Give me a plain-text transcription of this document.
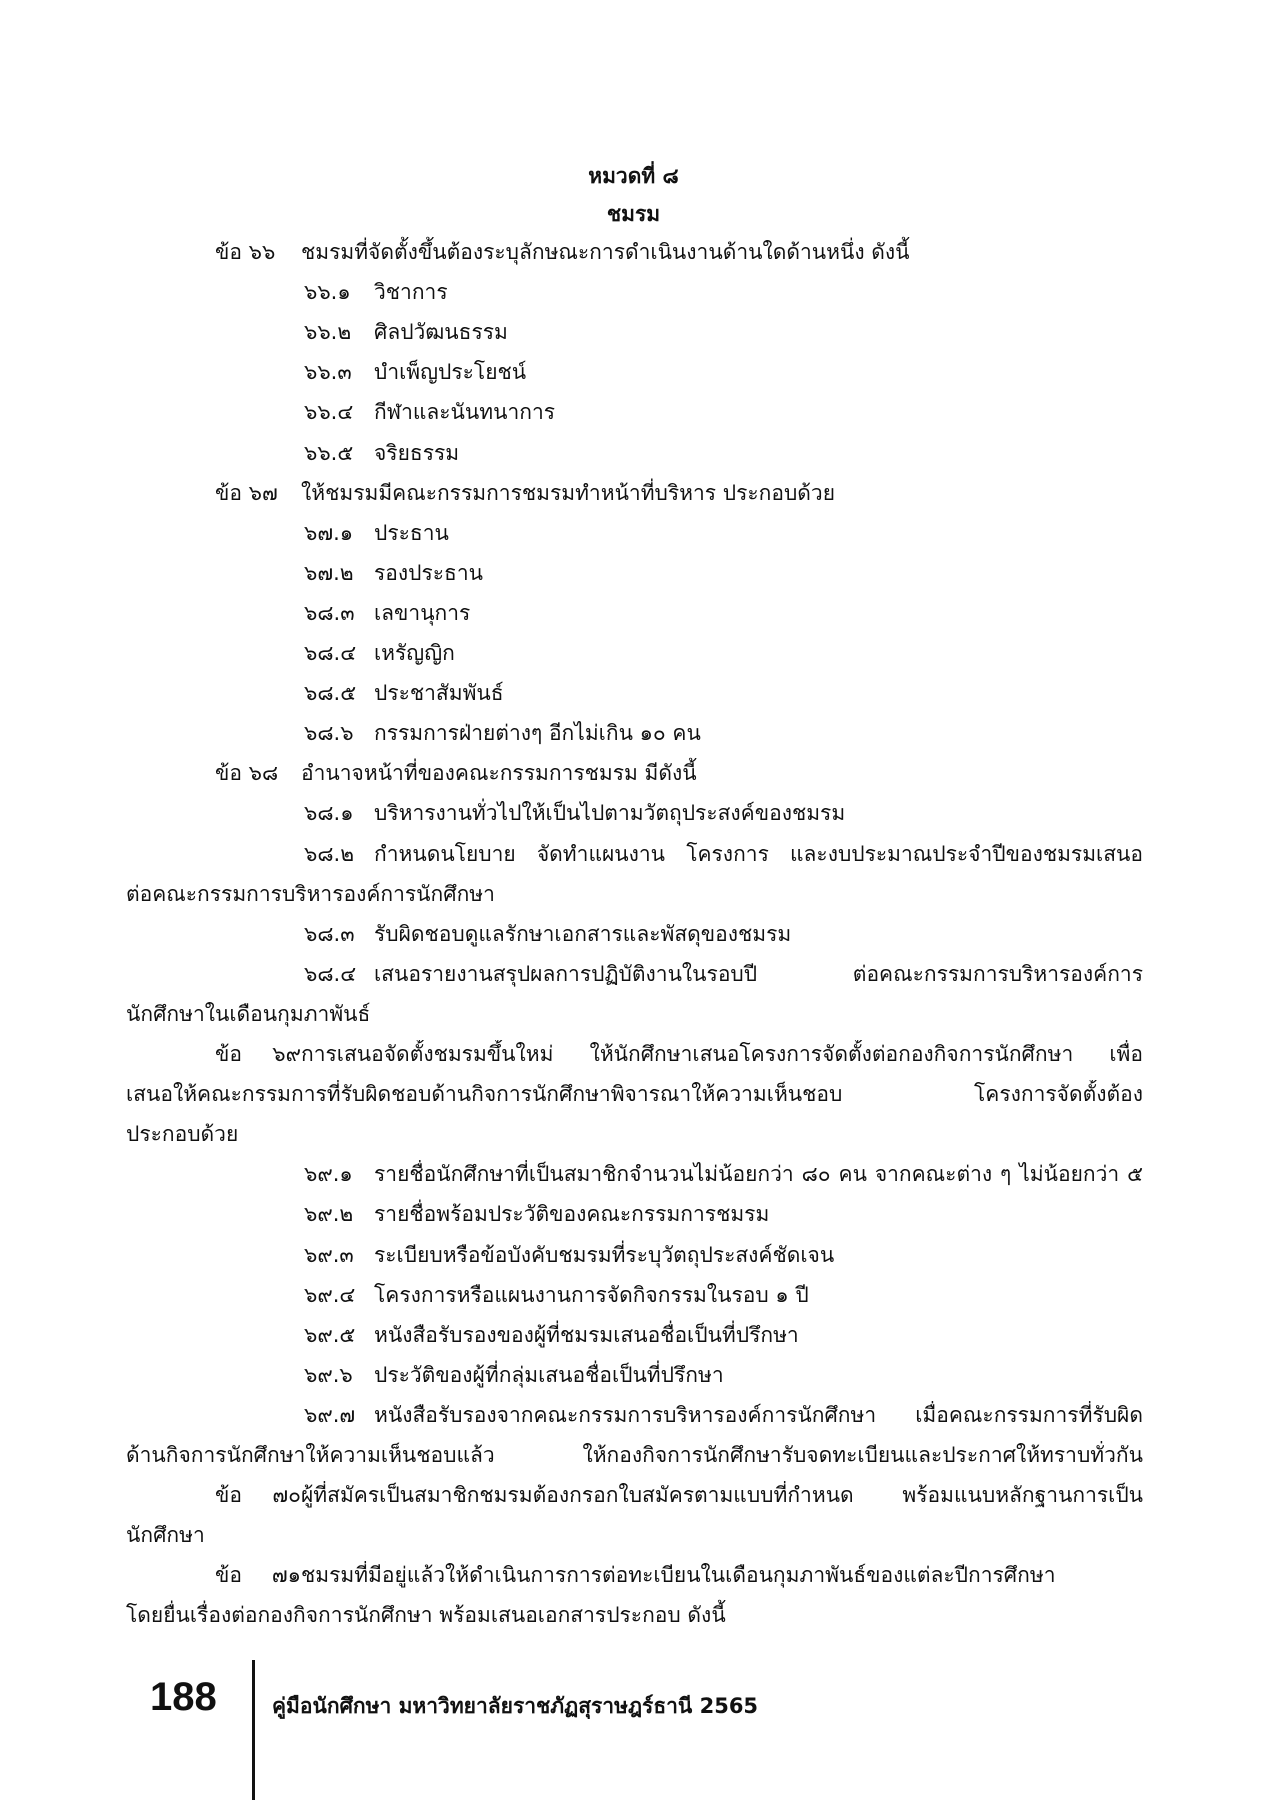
หมวดที่ ๘
ชมรม
ข้อ ๖๖ ชมรมที่จัดตั้งขึ้นต้องระบุลักษณะการดำเนินงานด้านใดด้านหนึ่ง ดังนี้
๖๖.๑ วิชาการ
๖๖.๒ ศิลปวัฒนธรรม
๖๖.๓ บำเพ็ญประโยชน์
๖๖.๔ กีฬาและนันทนาการ
๖๖.๕ จริยธรรม
ข้อ ๖๗ ให้ชมรมมีคณะกรรมการชมรมทำหน้าที่บริหาร ประกอบด้วย
๖๗.๑ ประธาน
๖๗.๒ รองประธาน
๖๘.๓ เลขานุการ
๖๘.๔ เหรัญญิก
๖๘.๕ ประชาสัมพันธ์
๖๘.๖ กรรมการฝ่ายต่างๆ อีกไม่เกิน ๑๐ คน
ข้อ ๖๘ อำนาจหน้าที่ของคณะกรรมการชมรม มีดังนี้
๖๘.๑ บริหารงานทั่วไปให้เป็นไปตามวัตถุประสงค์ของชมรม
๖๘.๒ กำหนดนโยบาย จัดทำแผนงาน โครงการ และงบประมาณประจำปีของชมรมเสนอ
ต่อคณะกรรมการบริหารองค์การนักศึกษา
๖๘.๓ รับผิดชอบดูแลรักษาเอกสารและพัสดุของชมรม
๖๘.๔ เสนอรายงานสรุปผลการปฏิบัติงานในรอบปี ต่อคณะกรรมการบริหารองค์การ
นักศึกษาในเดือนกุมภาพันธ์
ข้อ ๖๙การเสนอจัดตั้งชมรมขึ้นใหม่ ให้นักศึกษาเสนอโครงการจัดตั้งต่อกองกิจการนักศึกษา เพื่อ
เสนอให้คณะกรรมการที่รับผิดชอบด้านกิจการนักศึกษาพิจารณาให้ความเห็นชอบ โครงการจัดตั้งต้อง
ประกอบด้วย
๖๙.๑ รายชื่อนักศึกษาที่เป็นสมาชิกจำนวนไม่น้อยกว่า ๘๐ คน จากคณะต่าง ๆ ไม่น้อยกว่า ๕
๖๙.๒ รายชื่อพร้อมประวัติของคณะกรรมการชมรม
๖๙.๓ ระเบียบหรือข้อบังคับชมรมที่ระบุวัตถุประสงค์ชัดเจน
๖๙.๔ โครงการหรือแผนงานการจัดกิจกรรมในรอบ ๑ ปี
๖๙.๕ หนังสือรับรองของผู้ที่ชมรมเสนอชื่อเป็นที่ปรึกษา
๖๙.๖ ประวัติของผู้ที่กลุ่มเสนอชื่อเป็นที่ปรึกษา
๖๙.๗ หนังสือรับรองจากคณะกรรมการบริหารองค์การนักศึกษา เมื่อคณะกรรมการที่รับผิด
ด้านกิจการนักศึกษาให้ความเห็นชอบแล้ว ให้กองกิจการนักศึกษารับจดทะเบียนและประกาศให้ทราบทั่วกัน
ข้อ ๗๐ผู้ที่สมัครเป็นสมาชิกชมรมต้องกรอกใบสมัครตามแบบที่กำหนด พร้อมแนบหลักฐานการเป็น
นักศึกษา
ข้อ ๗๑ชมรมที่มีอยู่แล้วให้ดำเนินการการต่อทะเบียนในเดือนกุมภาพันธ์ของแต่ละปีการศึกษา
โดยยื่นเรื่องต่อกองกิจการนักศึกษา พร้อมเสนอเอกสารประกอบ ดังนี้
188	คู่มือนักศึกษา มหาวิทยาลัยราชภัฏสุราษฎร์ธานี 2565
